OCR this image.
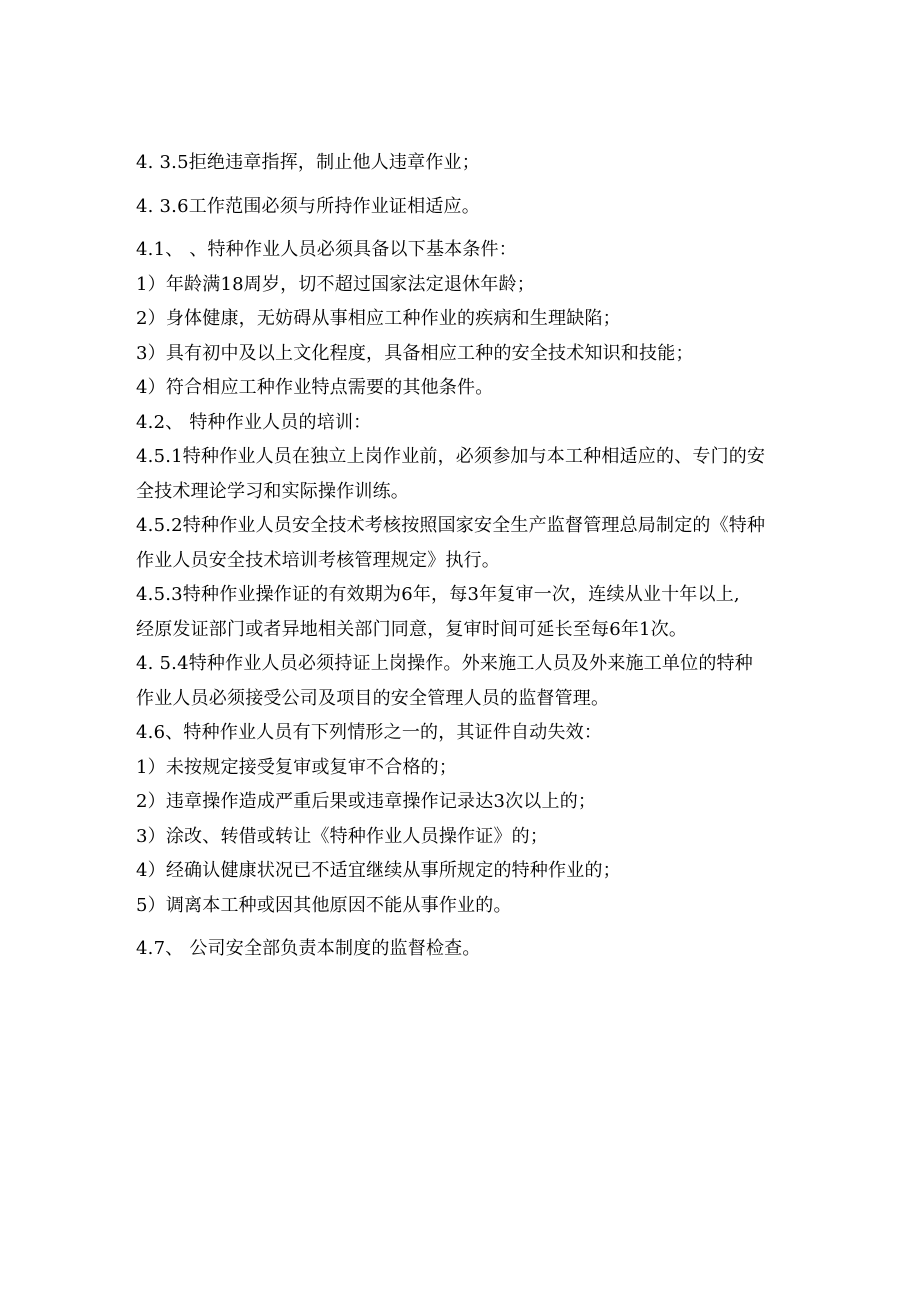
4. 3.5拒绝违章指挥，制止他人违章作业；
4. 3.6工作范围必须与所持作业证相适应。
4.1、 、特种作业人员必须具备以下基本条件：
1）年龄满18周岁，切不超过国家法定退休年龄；
2）身体健康，无妨碍从事相应工种作业的疾病和生理缺陷；
3）具有初中及以上文化程度，具备相应工种的安全技术知识和技能；
4）符合相应工种作业特点需要的其他条件。
4.2、 特种作业人员的培训：
4.5.1特种作业人员在独立上岗作业前，必须参加与本工种相适应的、专门的安
全技术理论学习和实际操作训练。
4.5.2特种作业人员安全技术考核按照国家安全生产监督管理总局制定的《特种
作业人员安全技术培训考核管理规定》执行。
4.5.3特种作业操作证的有效期为6年，每3年复审一次，连续从业十年以上,
经原发证部门或者异地相关部门同意，复审时间可延长至每6年1次。
4. 5.4特种作业人员必须持证上岗操作。外来施工人员及外来施工单位的特种
作业人员必须接受公司及项目的安全管理人员的监督管理。
4.6、特种作业人员有下列情形之一的，其证件自动失效：
1）未按规定接受复审或复审不合格的；
2）违章操作造成严重后果或违章操作记录达3次以上的；
3）涂改、转借或转让《特种作业人员操作证》的；
4）经确认健康状况已不适宜继续从事所规定的特种作业的；
5）调离本工种或因其他原因不能从事作业的。
4.7、 公司安全部负责本制度的监督检查。
